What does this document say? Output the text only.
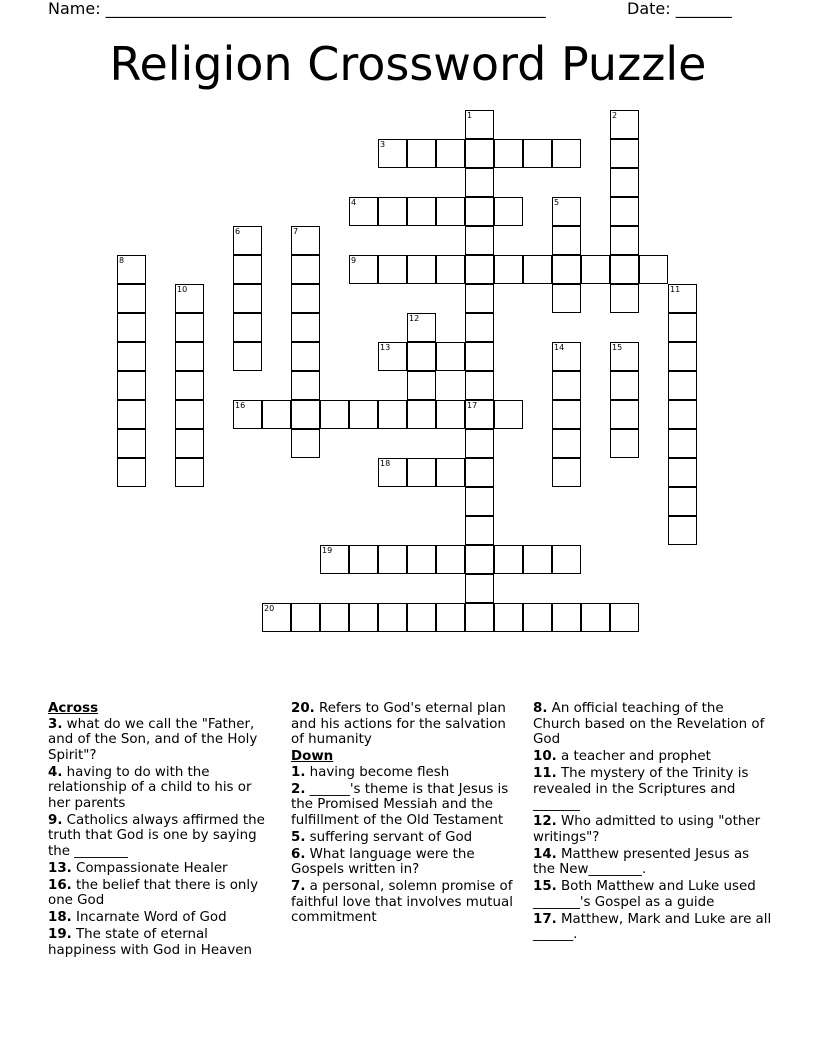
Name: _______________________________________________________	Date: _______
Religion Crossword Puzzle
1
17
2
3
4	5
6	7
8	9
10	11
12
13	14	15
16
18
19
20
Across
3. what do we call the "Father, and of the Son, and of the Holy Spirit"?
4. having to do with the relationship of a child to his or her parents
9. Catholics always affirmed the truth that God is one by saying the ________
13. Compassionate Healer
16. the belief that there is only one God
18. Incarnate Word of God
19. The state of eternal happiness with God in Heaven
20. Refers to God's eternal plan and his actions for the salvation of humanity
Down
1. having become flesh
2. ______'s theme is that Jesus is the Promised Messiah and the fulfillment of the Old Testament
5. suffering servant of God
6. What language were the Gospels written in?
7. a personal, solemn promise of faithful love that involves mutual commitment
8. An official teaching of the Church based on the Revelation of God
10. a teacher and prophet
11. The mystery of the Trinity is revealed in the Scriptures and _______
12. Who admitted to using "other writings"?
14. Matthew presented Jesus as the New________.
15. Both Matthew and Luke used _______'s Gospel as a guide
17. Matthew, Mark and Luke are all ______.
